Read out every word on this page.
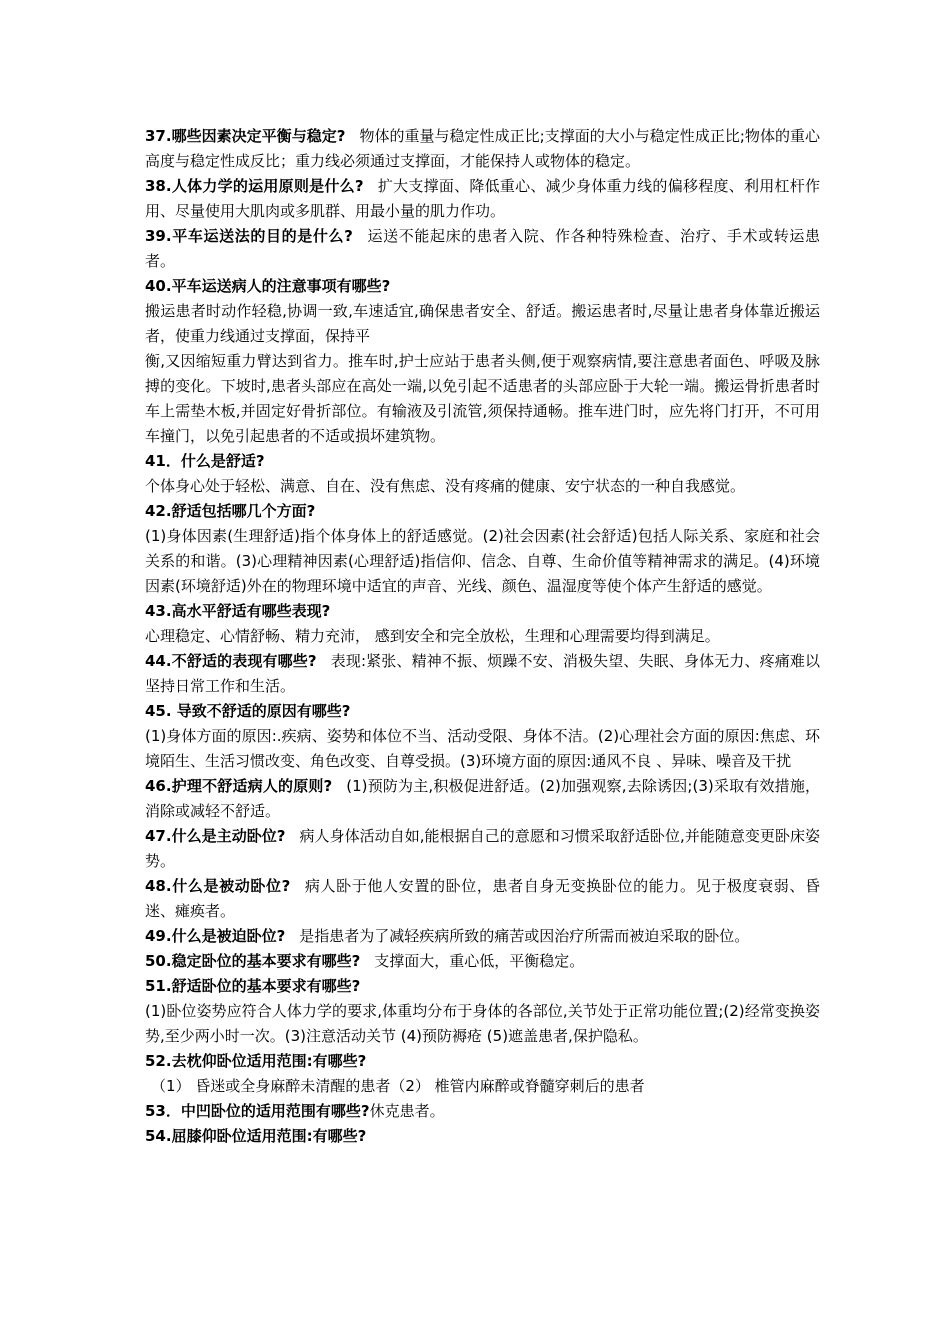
37.哪些因素决定平衡与稳定? 物体的重量与稳定性成正比;支撑面的大小与稳定性成正比;物体的重心高度与稳定性成反比；重力线必须通过支撑面，才能保持人或物体的稳定。

38.人体力学的运用原则是什么? 扩大支撑面、降低重心、减少身体重力线的偏移程度、利用杠杆作用、尽量使用大肌肉或多肌群、用最小量的肌力作功。

39.平车运送法的目的是什么? 运送不能起床的患者入院、作各种特殊检查、治疗、手术或转运患者。

40.平车运送病人的注意事项有哪些?

搬运患者时动作轻稳,协调一致,车速适宜,确保患者安全、舒适。搬运患者时,尽量让患者身体靠近搬运者，使重力线通过支撑面，保持平

衡,又因缩短重力臂达到省力。推车时,护士应站于患者头侧,便于观察病情,要注意患者面色、呼吸及脉搏的变化。下坡时,患者头部应在高处一端,以免引起不适患者的头部应卧于大轮一端。搬运骨折患者时车上需垫木板,并固定好骨折部位。有输液及引流管,须保持通畅。推车进门时，应先将门打开，不可用车撞门，以免引起患者的不适或损坏建筑物。

41．什么是舒适?

个体身心处于轻松、满意、自在、没有焦虑、没有疼痛的健康、安宁状态的一种自我感觉。

42.舒适包括哪几个方面?

(1)身体因素(生理舒适)指个体身体上的舒适感觉。(2)社会因素(社会舒适)包括人际关系、家庭和社会关系的和谐。(3)心理精神因素(心理舒适)指信仰、信念、自尊、生命价值等精神需求的满足。(4)环境因素(环境舒适)外在的物理环境中适宜的声音、光线、颜色、温湿度等使个体产生舒适的感觉。

43.高水平舒适有哪些表现?

心理稳定、心情舒畅、精力充沛， 感到安全和完全放松，生理和心理需要均得到满足。

44.不舒适的表现有哪些? 表现:紧张、精神不振、烦躁不安、消极失望、失眠、身体无力、疼痛难以坚持日常工作和生活。

45. 导致不舒适的原因有哪些?

(1)身体方面的原因:.疾病、姿势和体位不当、活动受限、身体不洁。(2)心理社会方面的原因:焦虑、环境陌生、生活习惯改变、角色改变、自尊受损。(3)环境方面的原因:通风不良 、异味、噪音及干扰

46.护理不舒适病人的原则? (1)预防为主,积极促进舒适。(2)加强观察,去除诱因;(3)采取有效措施，消除或减轻不舒适。

47.什么是主动卧位? 病人身体活动自如,能根据自己的意愿和习惯采取舒适卧位,并能随意变更卧床姿势。

48.什么是被动卧位? 病人卧于他人安置的卧位，患者自身无变换卧位的能力。见于极度衰弱、昏迷、瘫痪者。

49.什么是被迫卧位? 是指患者为了减轻疾病所致的痛苦或因治疗所需而被迫采取的卧位。

50.稳定卧位的基本要求有哪些? 支撑面大，重心低，平衡稳定。

51.舒适卧位的基本要求有哪些?

(1)卧位姿势应符合人体力学的要求,体重均分布于身体的各部位,关节处于正常功能位置;(2)经常变换姿势,至少两小时一次。(3)注意活动关节 (4)预防褥疮 (5)遮盖患者,保护隐私。

52.去枕仰卧位适用范围:有哪些?

（1） 昏迷或全身麻醉未清醒的患者（2） 椎管内麻醉或脊髓穿刺后的患者

53．中凹卧位的适用范围有哪些?休克患者。

54.屈膝仰卧位适用范围:有哪些?
